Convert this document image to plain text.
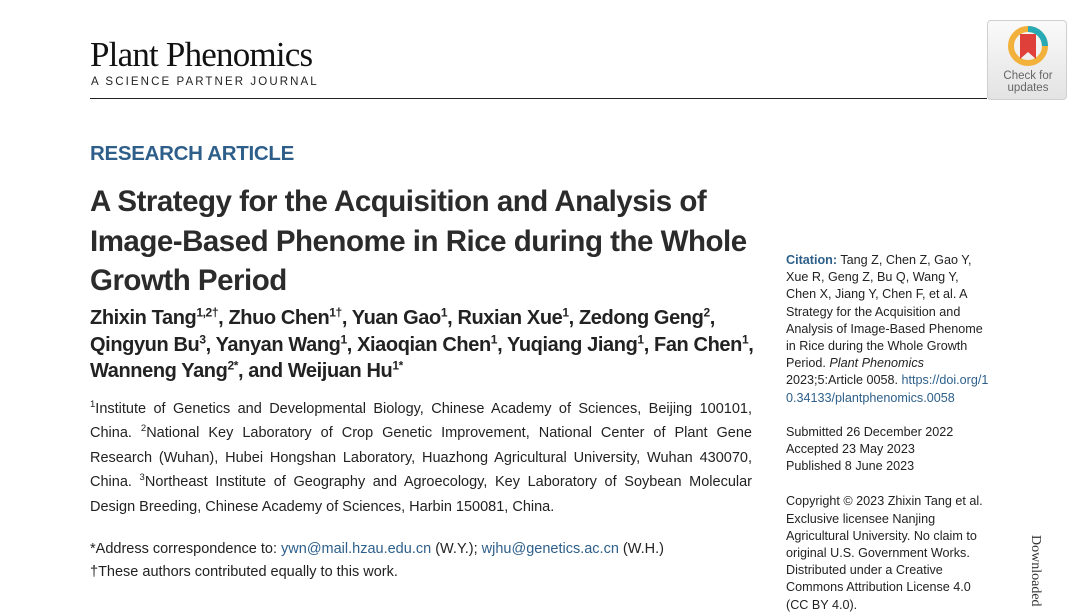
Plant Phenomics
A SCIENCE PARTNER JOURNAL	Check for
updates
RESEARCH ARTICLE
A Strategy for the Acquisition and Analysis of Image-Based Phenome in Rice during the Whole Growth Period
Zhixin Tang$^{1,2\dagger}$, Zhuo Chen$^{1\dagger}$, Yuan Gao$^1$, Ruxian Xue$^1$, Zedong Geng$^2$, Qingyun Bu$^3$, Yanyan Wang$^1$, Xiaoqian Chen$^1$, Yuqiang Jiang$^1$, Fan Chen$^1$, Wanneng Yang$^{2*}$, and Weijuan $Hu^{1*}$
$^1$Institute of Genetics and Developmental Biology, Chinese Academy of Sciences, Beijing 100101, China. $^2$National Key Laboratory of Crop Genetic Improvement, National Center of Plant Gene Research (Wuhan), Hubei Hongshan Laboratory, Huazhong Agricultural University, Wuhan 430070, China. $^3$Northeast Institute of Geography and Agroecology, Key Laboratory of Soybean Molecular Design Breeding, Chinese Academy of Sciences, Harbin 150081, China.
*Address correspondence to: ywn@mail.hzau.edu.cn (W.Y.); wjhu@genetics.ac.cn (W.H.)
†These authors contributed equally to this work.
Citation: Tang Z, Chen Z, Gao Y, Xue R, Geng Z, Bu Q, Wang Y, Chen X, Jiang Y, Chen F, et al. A Strategy for the Acquisition and Analysis of Image-Based Phenome in Rice during the Whole Growth Period. Plant Phenomics 2023;5:Article 0058. https://doi.org/10.34133/plantphenomics.0058
Submitted 26 December 2022
Accepted 23 May 2023
Published 8 June 2023
Copyright © 2023 Zhixin Tang et al. Exclusive licensee Nanjing Agricultural University. No claim to original U.S. Government Works. Distributed under a Creative Commons Attribution License 4.0 (CC BY 4.0).	Downloaded
